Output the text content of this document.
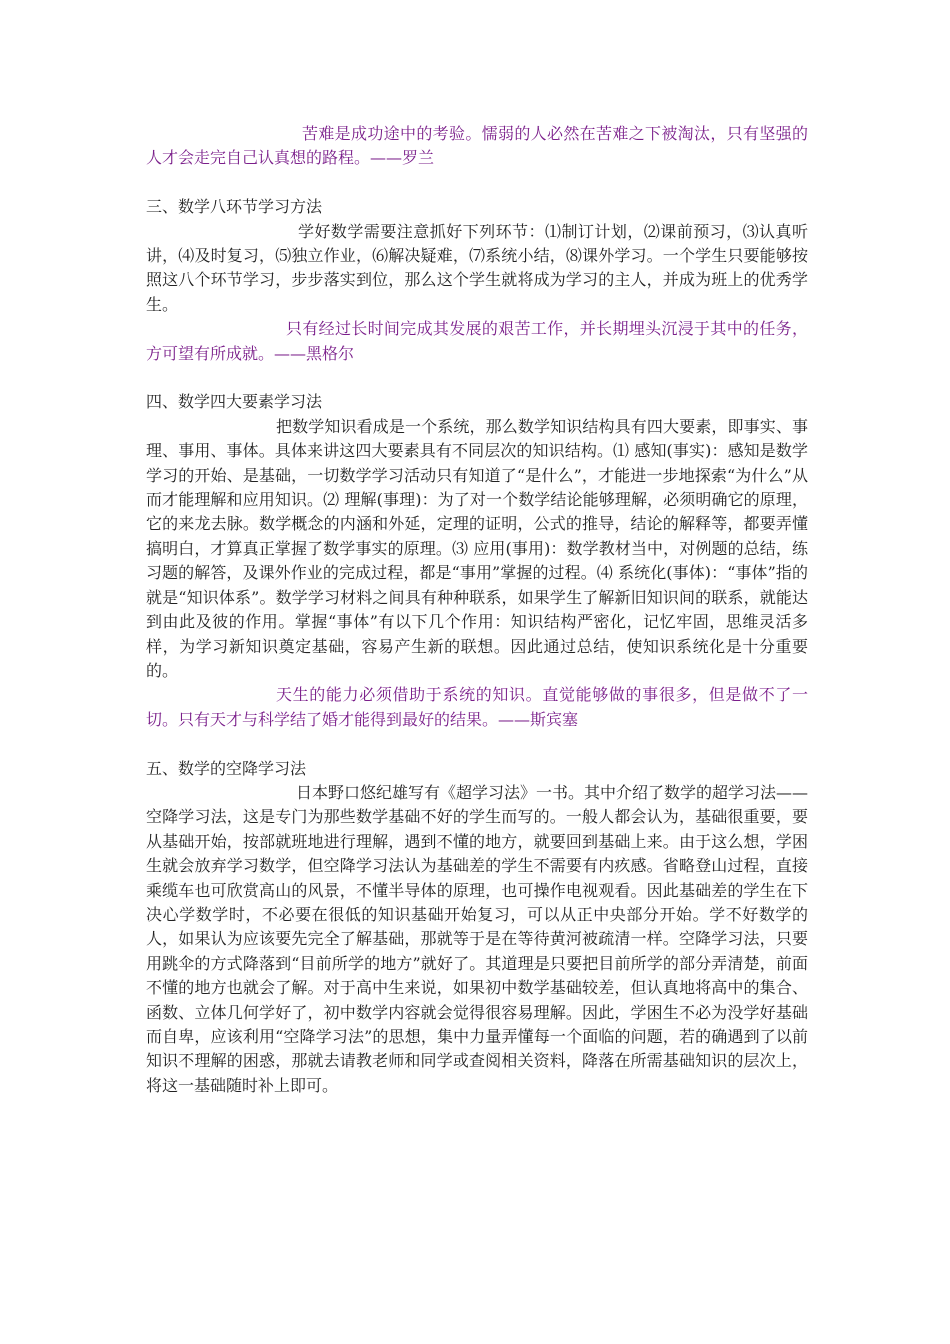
苦难是成功途中的考验。懦弱的人必然在苦难之下被淘汰，只有坚强的人才会走完自己认真想的路程。——罗兰

三、数学八环节学习方法

学好数学需要注意抓好下列环节：⑴制订计划，⑵课前预习，⑶认真听讲，⑷及时复习，⑸独立作业，⑹解决疑难，⑺系统小结，⑻课外学习。一个学生只要能够按照这八个环节学习，步步落实到位，那么这个学生就将成为学习的主人，并成为班上的优秀学生。

只有经过长时间完成其发展的艰苦工作，并长期埋头沉浸于其中的任务，方可望有所成就。——黑格尔

四、数学四大要素学习法

把数学知识看成是一个系统，那么数学知识结构具有四大要素，即事实、事理、事用、事体。具体来讲这四大要素具有不同层次的知识结构。⑴ 感知(事实)：感知是数学学习的开始、是基础，一切数学学习活动只有知道了“是什么”，才能进一步地探索“为什么”从而才能理解和应用知识。⑵ 理解(事理)：为了对一个数学结论能够理解，必须明确它的原理，它的来龙去脉。数学概念的内涵和外延，定理的证明，公式的推导，结论的解释等，都要弄懂搞明白，才算真正掌握了数学事实的原理。⑶ 应用(事用)：数学教材当中，对例题的总结，练习题的解答，及课外作业的完成过程，都是“事用”掌握的过程。⑷ 系统化(事体)：“事体”指的就是“知识体系”。数学学习材料之间具有种种联系，如果学生了解新旧知识间的联系，就能达到由此及彼的作用。掌握“事体”有以下几个作用：知识结构严密化，记忆牢固，思维灵活多样，为学习新知识奠定基础，容易产生新的联想。因此通过总结，使知识系统化是十分重要的。

天生的能力必须借助于系统的知识。直觉能够做的事很多，但是做不了一切。只有天才与科学结了婚才能得到最好的结果。——斯宾塞

五、数学的空降学习法

日本野口悠纪雄写有《超学习法》一书。其中介绍了数学的超学习法——空降学习法，这是专门为那些数学基础不好的学生而写的。一般人都会认为，基础很重要，要从基础开始，按部就班地进行理解，遇到不懂的地方，就要回到基础上来。由于这么想，学困生就会放弃学习数学，但空降学习法认为基础差的学生不需要有内疚感。省略登山过程，直接乘缆车也可欣赏高山的风景，不懂半导体的原理，也可操作电视观看。因此基础差的学生在下决心学数学时，不必要在很低的知识基础开始复习，可以从正中央部分开始。学不好数学的人，如果认为应该要先完全了解基础，那就等于是在等待黄河被疏清一样。空降学习法，只要用跳伞的方式降落到“目前所学的地方”就好了。其道理是只要把目前所学的部分弄清楚，前面不懂的地方也就会了解。对于高中生来说，如果初中数学基础较差，但认真地将高中的集合、函数、立体几何学好了，初中数学内容就会觉得很容易理解。因此，学困生不必为没学好基础而自卑，应该利用“空降学习法”的思想，集中力量弄懂每一个面临的问题，若的确遇到了以前知识不理解的困惑，那就去请教老师和同学或查阅相关资料，降落在所需基础知识的层次上，将这一基础随时补上即可。
